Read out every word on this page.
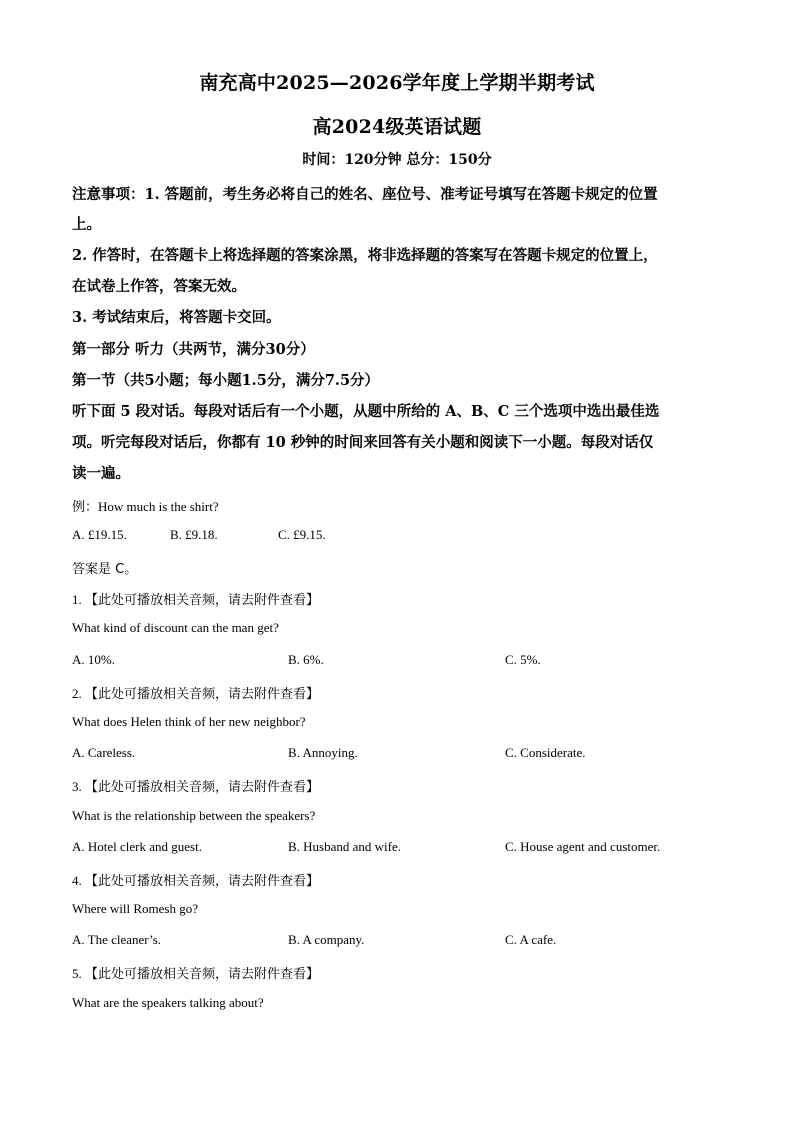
南充高中2025—2026学年度上学期半期考试
高2024级英语试题
时间：120分钟 总分：150分
注意事项：1. 答题前，考生务必将自己的姓名、座位号、准考证号填写在答题卡规定的位置
上。
2. 作答时，在答题卡上将选择题的答案涂黑，将非选择题的答案写在答题卡规定的位置上，
在试卷上作答，答案无效。
3. 考试结束后，将答题卡交回。
第一部分 听力（共两节，满分30分）
第一节（共5小题；每小题1.5分，满分7.5分）
听下面 5 段对话。每段对话后有一个小题，从题中所给的 A、B、C 三个选项中选出最佳选
项。听完每段对话后，你都有 10 秒钟的时间来回答有关小题和阅读下一小题。每段对话仅
读一遍。
例：How much is the shirt?
A. £19.15.	B. £9.18.	C. £9.15.
答案是 C。
1. 【此处可播放相关音频，请去附件查看】
What kind of discount can the man get?
A. 10%.	B. 6%.	C. 5%.
2. 【此处可播放相关音频，请去附件查看】
What does Helen think of her new neighbor?
A. Careless.	B. Annoying.	C. Considerate.
3. 【此处可播放相关音频，请去附件查看】
What is the relationship between the speakers?
A. Hotel clerk and guest.	B. Husband and wife.	C. House agent and customer.
4. 【此处可播放相关音频，请去附件查看】
Where will Romesh go?
A. The cleaner’s.	B. A company.	C. A cafe.
5. 【此处可播放相关音频，请去附件查看】
What are the speakers talking about?
